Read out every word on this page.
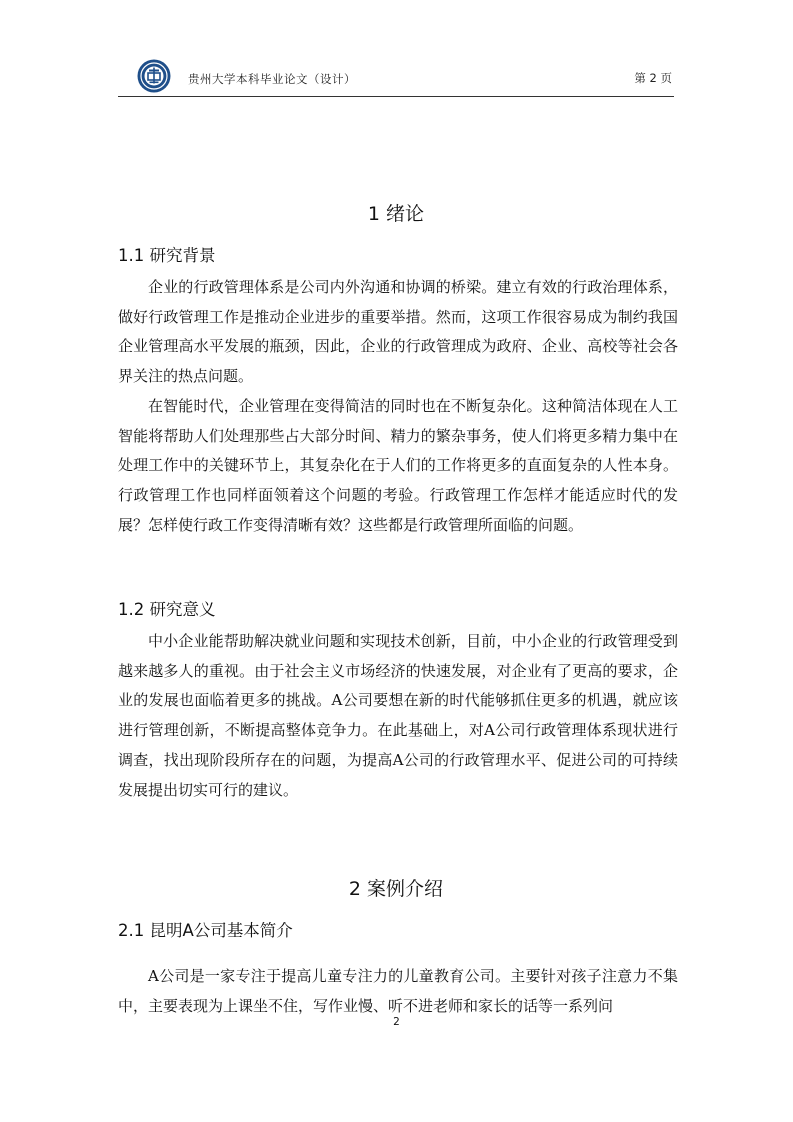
贵州大学本科毕业论文（设计）	第 2 页
1 绪论
1.1 研究背景

企业的行政管理体系是公司内外沟通和协调的桥梁。建立有效的行政治理体系，做好行政管理工作是推动企业进步的重要举措。然而，这项工作很容易成为制约我国企业管理高水平发展的瓶颈，因此，企业的行政管理成为政府、企业、高校等社会各界关注的热点问题。

在智能时代，企业管理在变得简洁的同时也在不断复杂化。这种简洁体现在人工智能将帮助人们处理那些占大部分时间、精力的繁杂事务，使人们将更多精力集中在处理工作中的关键环节上，其复杂化在于人们的工作将更多的直面复杂的人性本身。行政管理工作也同样面领着这个问题的考验。行政管理工作怎样才能适应时代的发展？怎样使行政工作变得清晰有效？这些都是行政管理所面临的问题。

1.2 研究意义

中小企业能帮助解决就业问题和实现技术创新，目前，中小企业的行政管理受到越来越多人的重视。由于社会主义市场经济的快速发展，对企业有了更高的要求，企业的发展也面临着更多的挑战。A公司要想在新的时代能够抓住更多的机遇，就应该进行管理创新，不断提高整体竞争力。在此基础上，对A公司行政管理体系现状进行调查，找出现阶段所存在的问题，为提高A公司的行政管理水平、促进公司的可持续发展提出切实可行的建议。

2 案例介绍
2.1 昆明A公司基本简介

A公司是一家专注于提高儿童专注力的儿童教育公司。主要针对孩子注意力不集中，主要表现为上课坐不住，写作业慢、听不进老师和家长的话等一系列问

2
